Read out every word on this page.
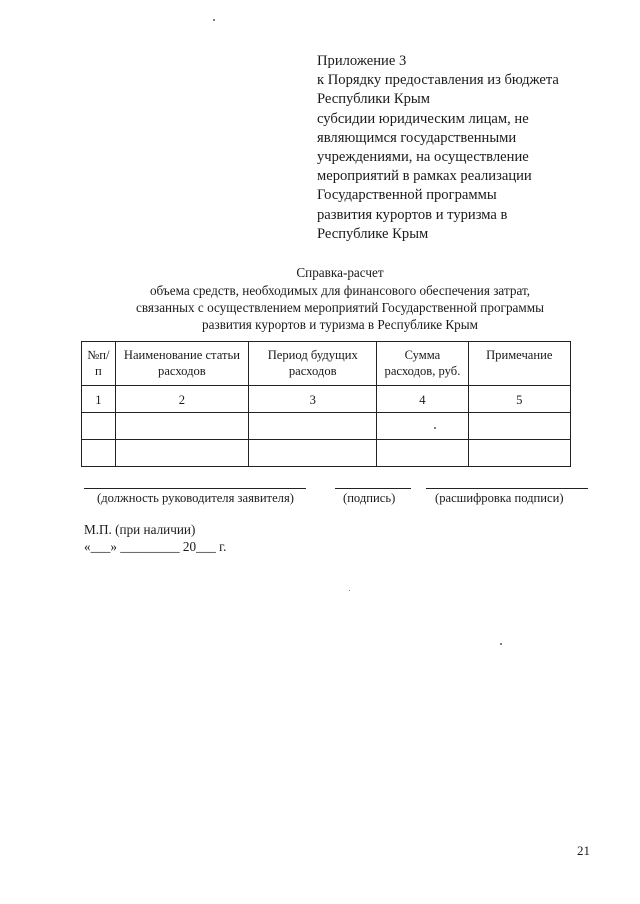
Приложение 3
к Порядку предоставления из бюджета
Республики Крым
субсидии юридическим лицам, не
являющимся государственными
учреждениями, на осуществление
мероприятий в рамках реализации
Государственной программы
развития курортов и туризма в
Республике Крым
Справка-расчет
объема средств, необходимых для финансового обеспечения затрат,
связанных с осуществлением мероприятий Государственной программы
развития курортов и туризма в Республике Крым
№п/ п	Наименование статьи расходов	Период будущих расходов	Сумма расходов, руб.	Примечание
1	2	3	4	5

(должность руководителя заявителя)	(подпись)	(расшифровка подписи)
М.П. (при наличии)
«___» _________ 20___ г.
21
